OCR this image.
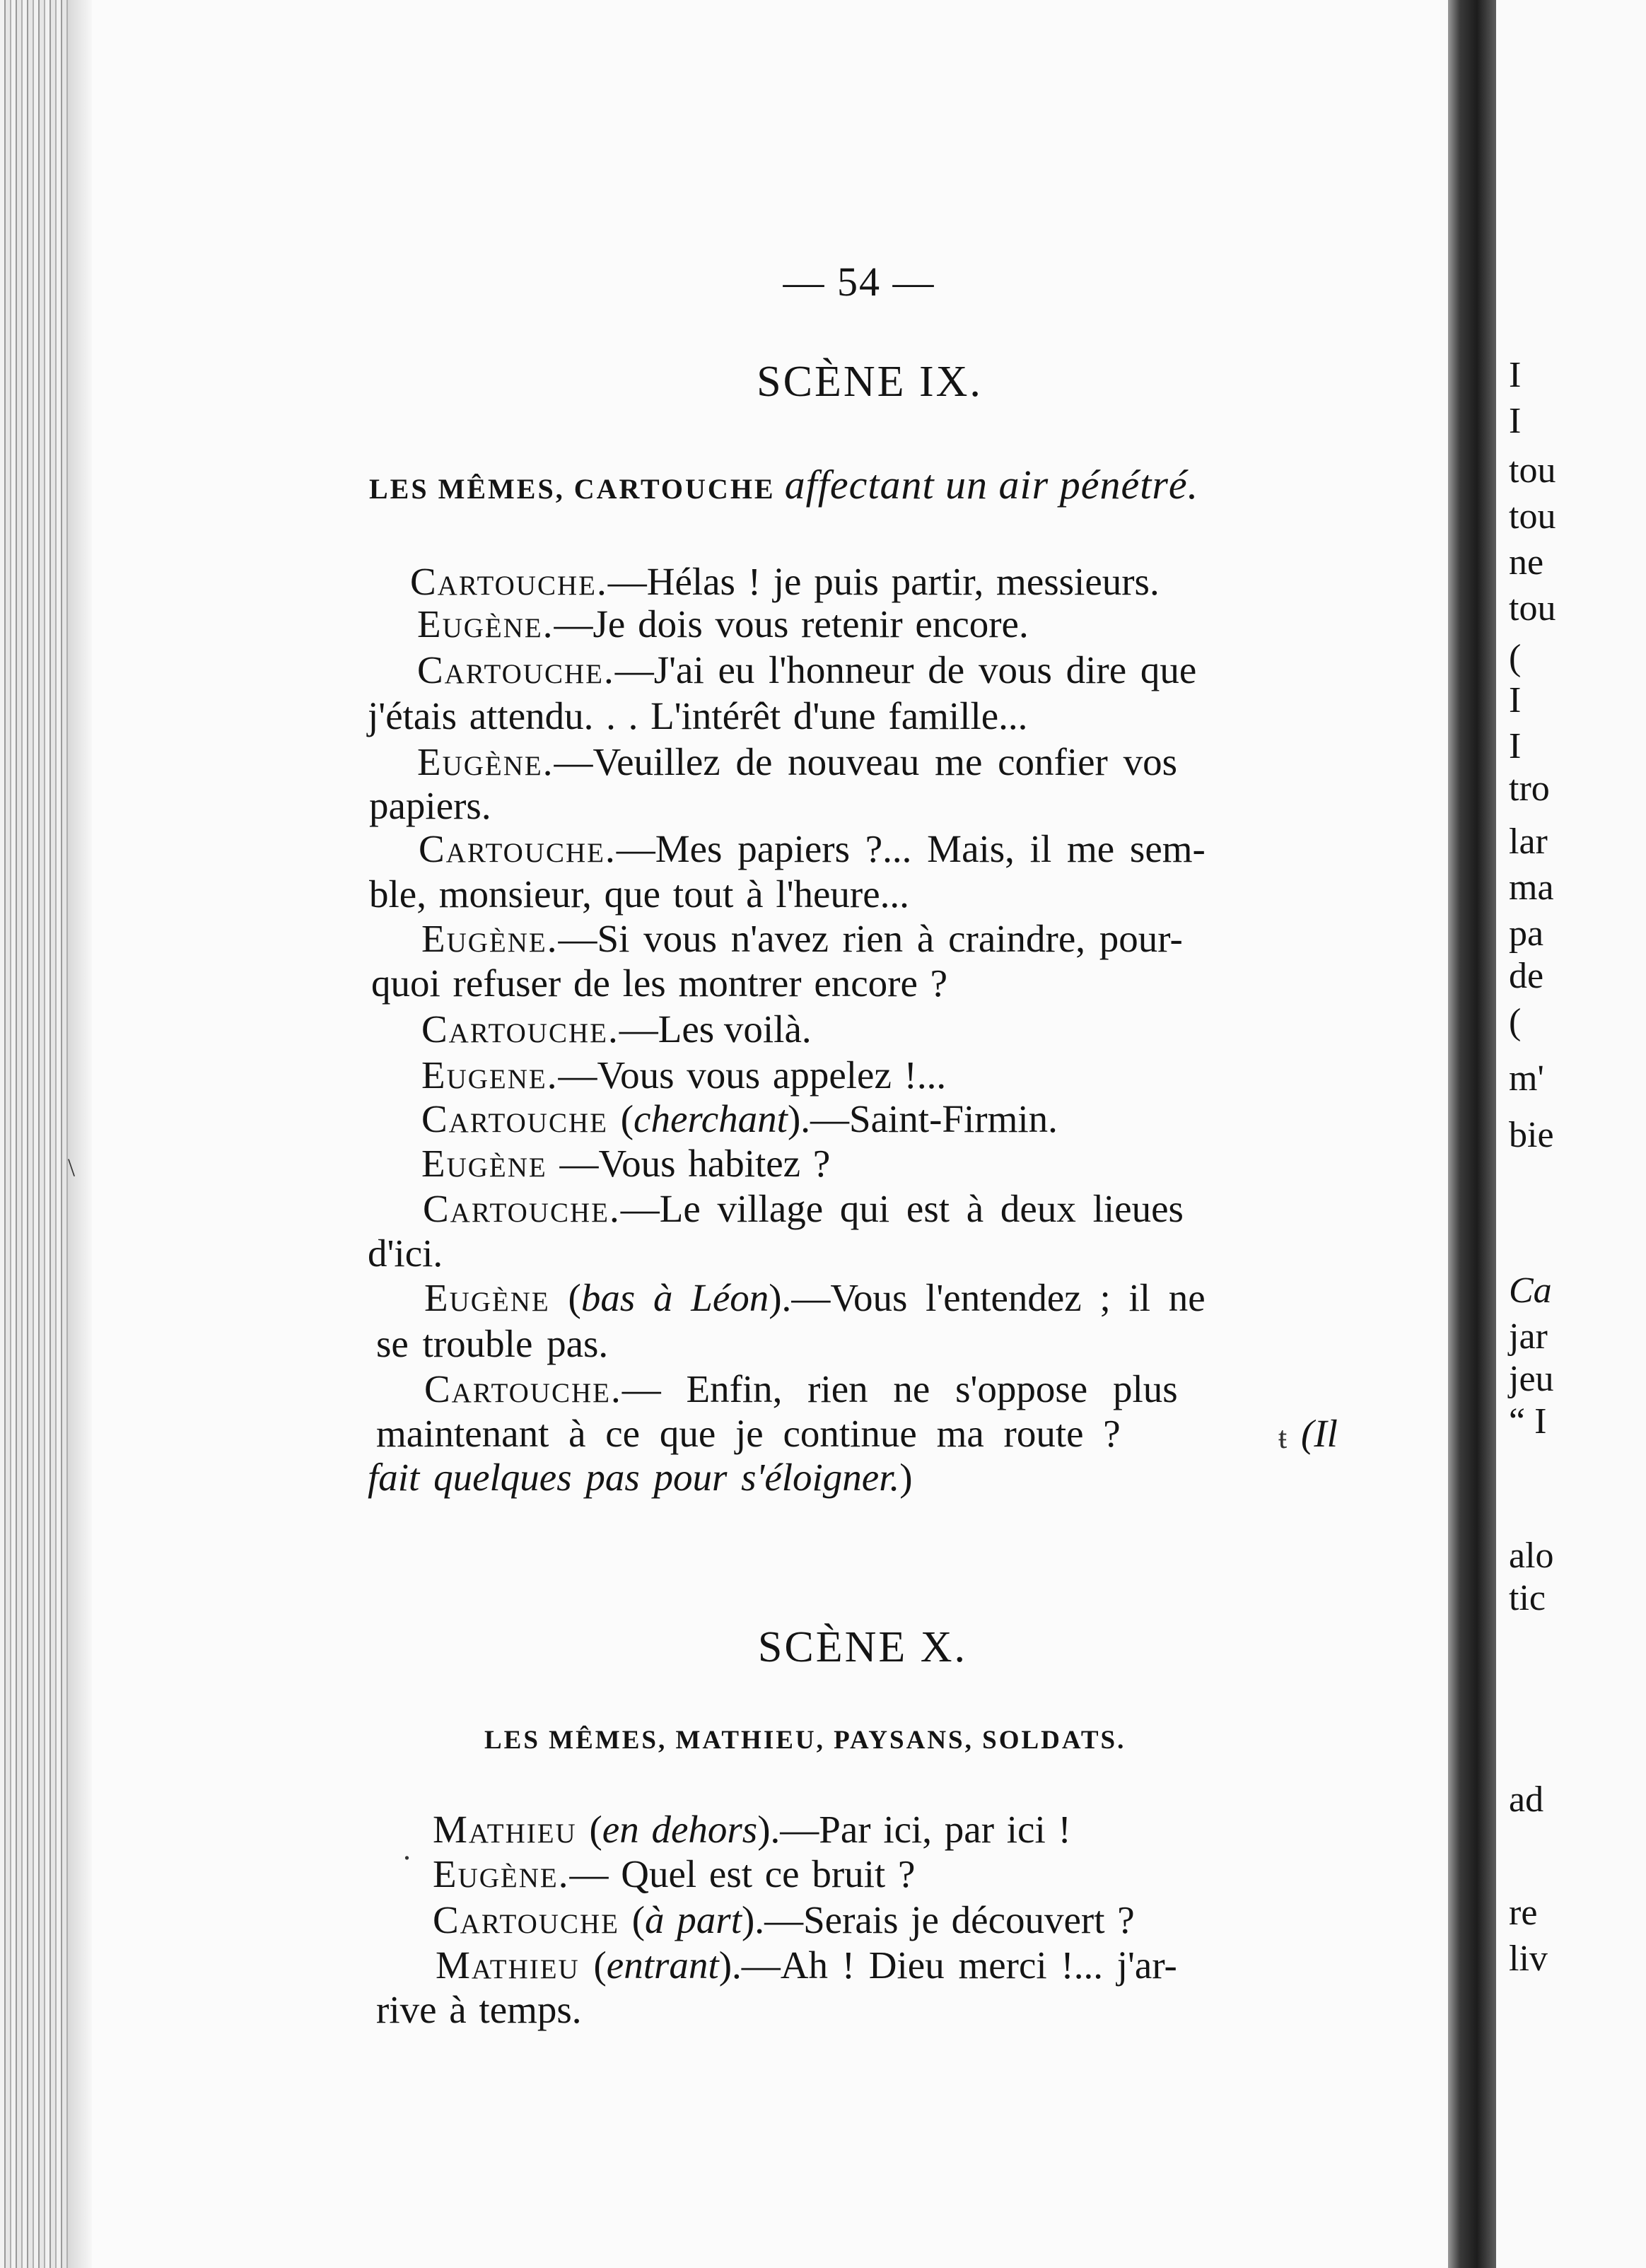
— 54 —
SCÈNE IX.
LES MÊMES, CARTOUCHE affectant un air pénétré.
Cartouche.—Hélas ! je puis partir, messieurs.
Eugène.—Je dois vous retenir encore.
Cartouche.—J'ai eu l'honneur de vous dire que
j'étais attendu. . . L'intérêt d'une famille...
Eugène.—Veuillez de nouveau me confier vos
papiers.
Cartouche.—Mes papiers ?... Mais, il me sem-
ble, monsieur, que tout à l'heure...
Eugène.—Si vous n'avez rien à craindre, pour-
quoi refuser de les montrer encore ?
Cartouche.—Les voilà.
Eugene.—Vous vous appelez !...
Cartouche (cherchant).—Saint-Firmin.
Eugène —Vous habitez ?
Cartouche.—Le village qui est à deux lieues
d'ici.
Eugène (bas à Léon).—Vous l'entendez ; il ne
se trouble pas.
Cartouche.— Enfin, rien ne s'oppose plus
maintenant à ce que je continue ma route ?
fait quelques pas pour s'éloigner.)
Mathieu (en dehors).—Par ici, par ici !
Eugène.— Quel est ce bruit ?
Cartouche (à part).—Serais je découvert ?
Mathieu (entrant).—Ah ! Dieu merci !... j'ar-
rive à temps.
SCÈNE X.
LES MÊMES, MATHIEU, PAYSANS, SOLDATS.
.
\
I
I
tou
tou
ne
tou
(
I
I
tro
lar
ma
pa
de
(
m'
bie
Ca
jar
jeu
“ I
alo
tic
ad
re
liv
(Il
ŧ
